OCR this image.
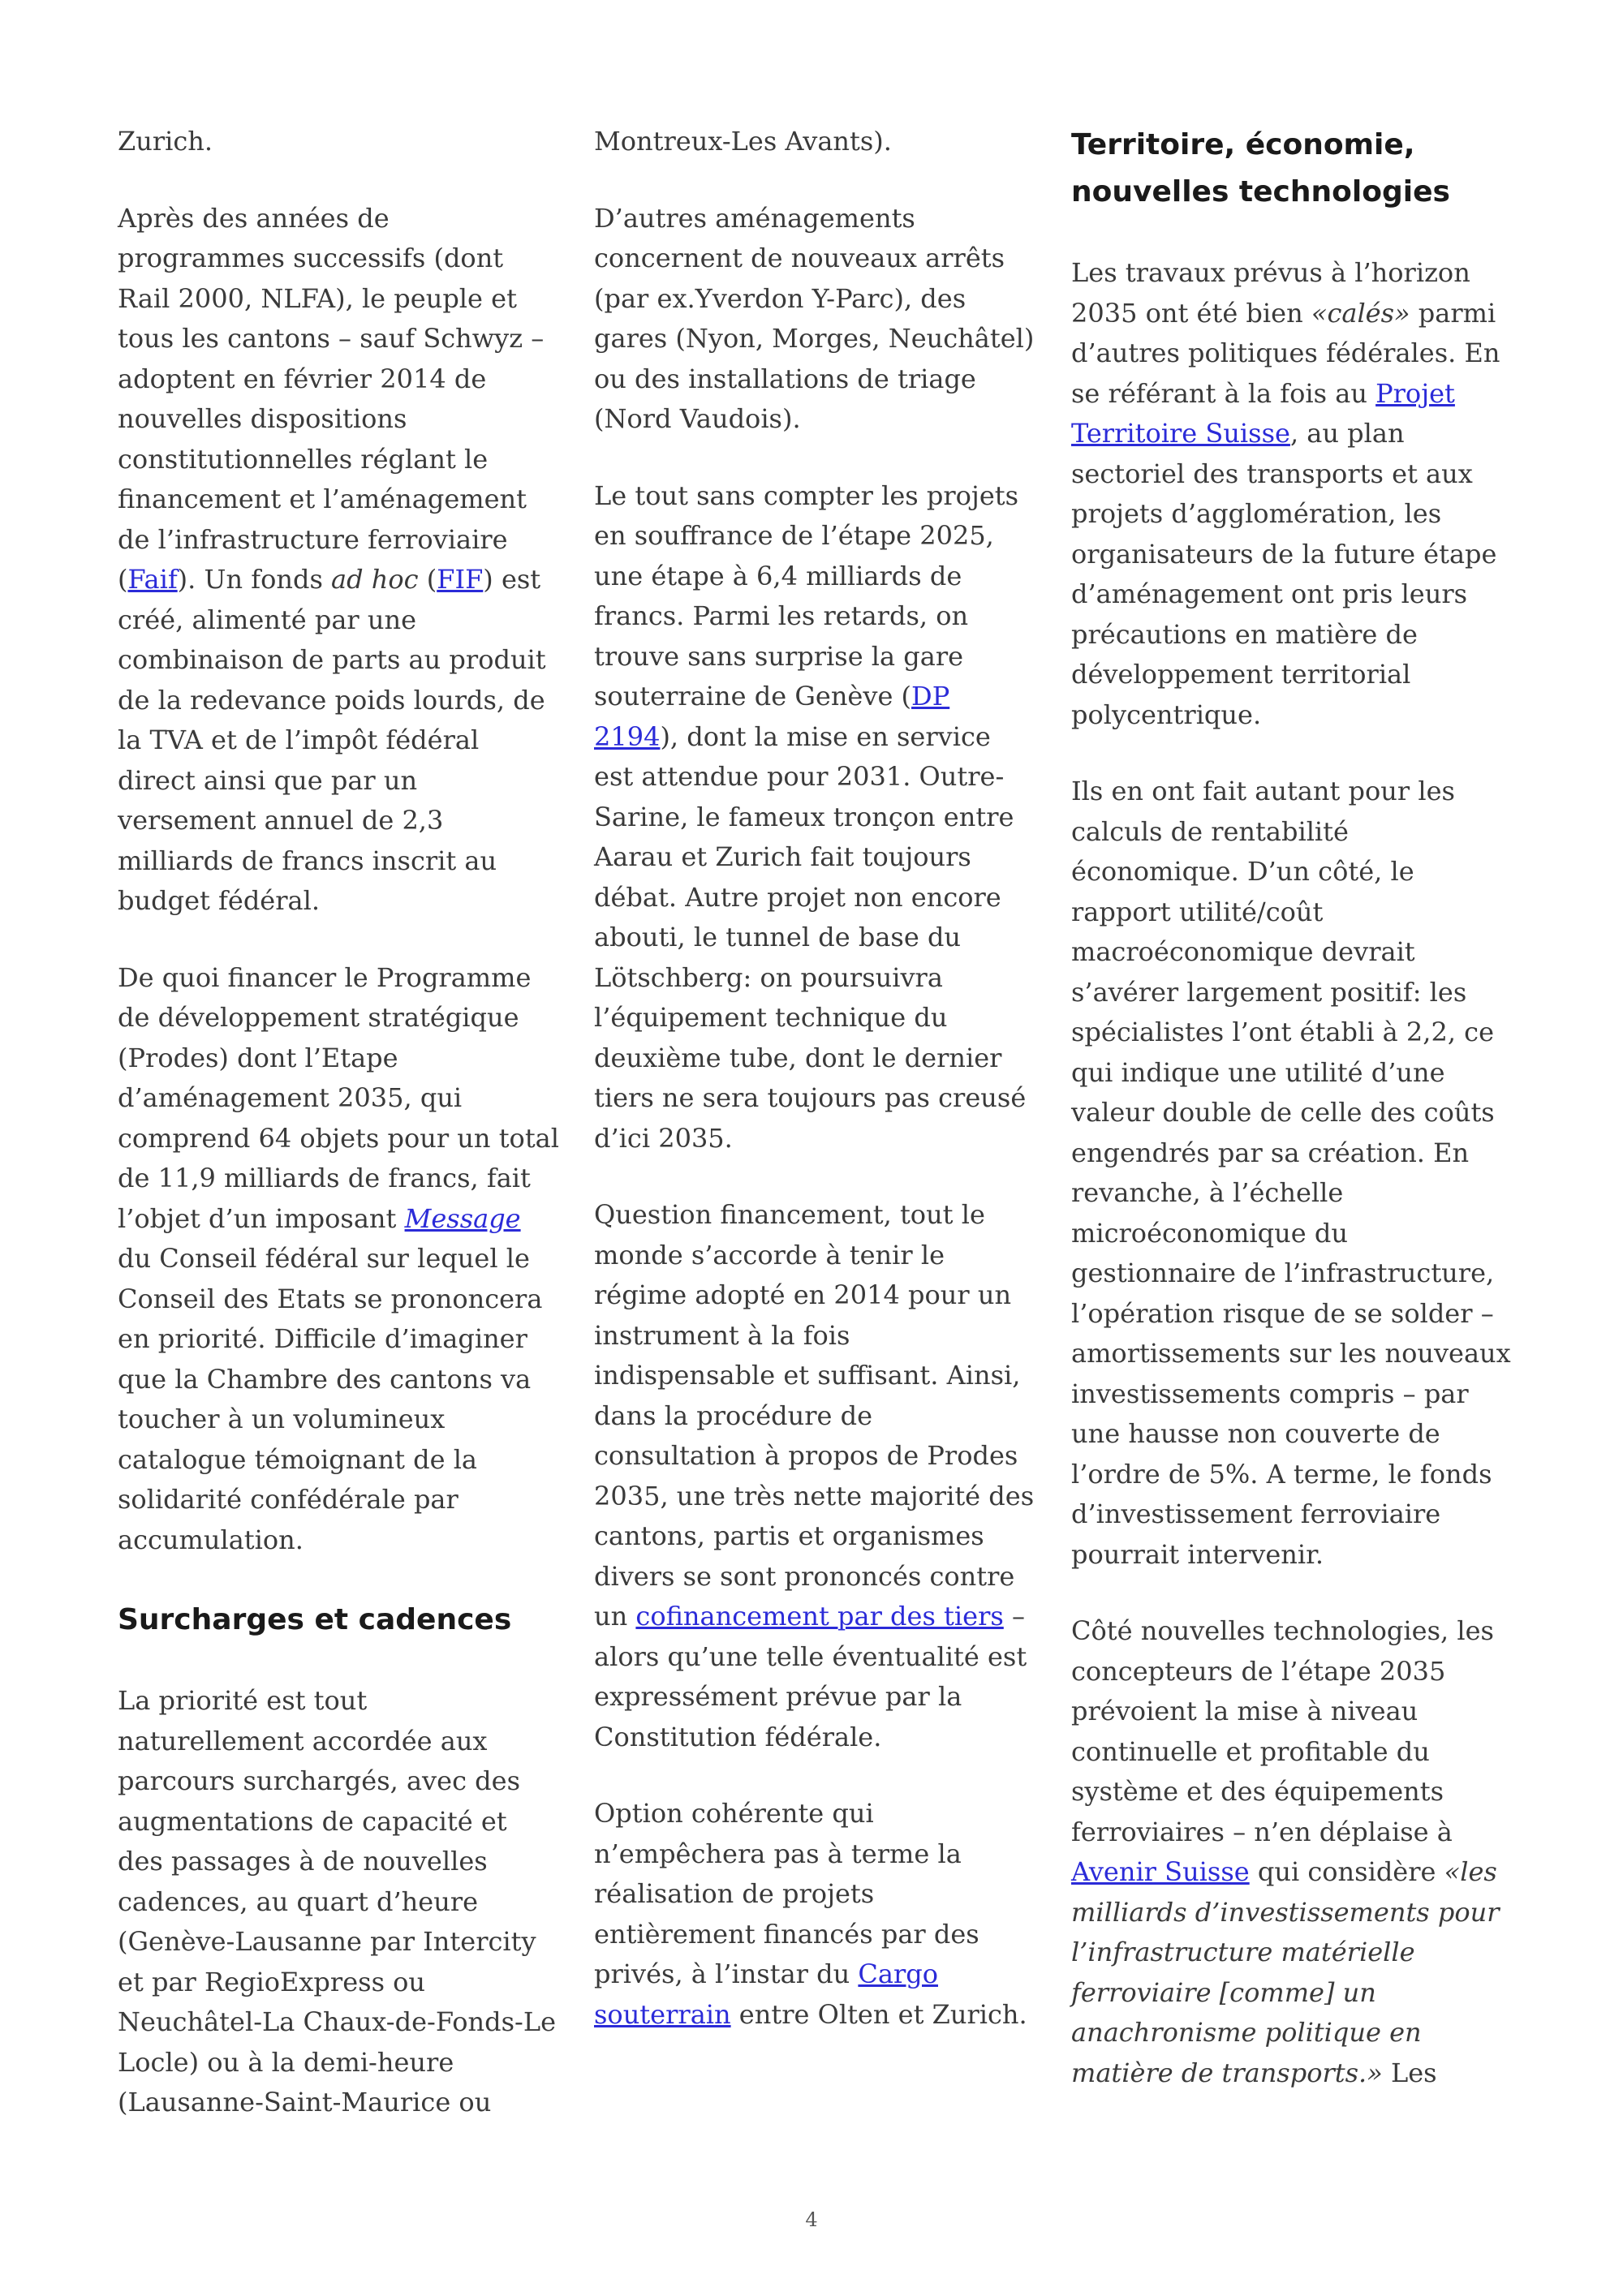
Zurich.

Après des années de programmes successifs (dont Rail 2000, NLFA), le peuple et tous les cantons – sauf Schwyz – adoptent en février 2014 de nouvelles dispositions constitutionnelles réglant le financement et l’aménagement de l’infrastructure ferroviaire (Faif). Un fonds ad hoc (FIF) est créé, alimenté par une combinaison de parts au produit de la redevance poids lourds, de la TVA et de l’impôt fédéral direct ainsi que par un versement annuel de 2,3 milliards de francs inscrit au budget fédéral.

De quoi financer le Programme de développement stratégique (Prodes) dont l’Etape d’aménagement 2035, qui comprend 64 objets pour un total de 11,9 milliards de francs, fait l’objet d’un imposant Message du Conseil fédéral sur lequel le Conseil des Etats se prononcera en priorité. Difficile d’imaginer que la Chambre des cantons va toucher à un volumineux catalogue témoignant de la solidarité confédérale par accumulation.

Surcharges et cadences

La priorité est tout naturellement accordée aux parcours surchargés, avec des augmentations de capacité et des passages à de nouvelles cadences, au quart d’heure (Genève-Lausanne par Intercity et par RegioExpress ou Neuchâtel-La Chaux-de-Fonds-Le Locle) ou à la demi-heure (Lausanne-Saint-Maurice ou

Montreux-Les Avants).

D’autres aménagements concernent de nouveaux arrêts (par ex.Yverdon Y-Parc), des gares (Nyon, Morges, Neuchâtel) ou des installations de triage (Nord Vaudois).

Le tout sans compter les projets en souffrance de l’étape 2025, une étape à 6,4 milliards de francs. Parmi les retards, on trouve sans surprise la gare souterraine de Genève (DP 2194), dont la mise en service est attendue pour 2031. Outre-Sarine, le fameux tronçon entre Aarau et Zurich fait toujours débat. Autre projet non encore abouti, le tunnel de base du Lötschberg: on poursuivra l’équipement technique du deuxième tube, dont le dernier tiers ne sera toujours pas creusé d’ici 2035.

Question financement, tout le monde s’accorde à tenir le régime adopté en 2014 pour un instrument à la fois indispensable et suffisant. Ainsi, dans la procédure de consultation à propos de Prodes 2035, une très nette majorité des cantons, partis et organismes divers se sont prononcés contre un cofinancement par des tiers – alors qu’une telle éventualité est expressément prévue par la Constitution fédérale.

Option cohérente qui n’empêchera pas à terme la réalisation de projets entièrement financés par des privés, à l’instar du Cargo souterrain entre Olten et Zurich.

Territoire, économie, nouvelles technologies

Les travaux prévus à l’horizon 2035 ont été bien «calés» parmi d’autres politiques fédérales. En se référant à la fois au Projet Territoire Suisse, au plan sectoriel des transports et aux projets d’agglomération, les organisateurs de la future étape d’aménagement ont pris leurs précautions en matière de développement territorial polycentrique.

Ils en ont fait autant pour les calculs de rentabilité économique. D’un côté, le rapport utilité/coût macroéconomique devrait s’avérer largement positif: les spécialistes l’ont établi à 2,2, ce qui indique une utilité d’une valeur double de celle des coûts engendrés par sa création. En revanche, à l’échelle microéconomique du gestionnaire de l’infrastructure, l’opération risque de se solder – amortissements sur les nouveaux investissements compris – par une hausse non couverte de l’ordre de 5%. A terme, le fonds d’investissement ferroviaire pourrait intervenir.

Côté nouvelles technologies, les concepteurs de l’étape 2035 prévoient la mise à niveau continuelle et profitable du système et des équipements ferroviaires – n’en déplaise à Avenir Suisse qui considère «les milliards d’investissements pour l’infrastructure matérielle ferroviaire [comme] un anachronisme politique en matière de transports.» Les

4
